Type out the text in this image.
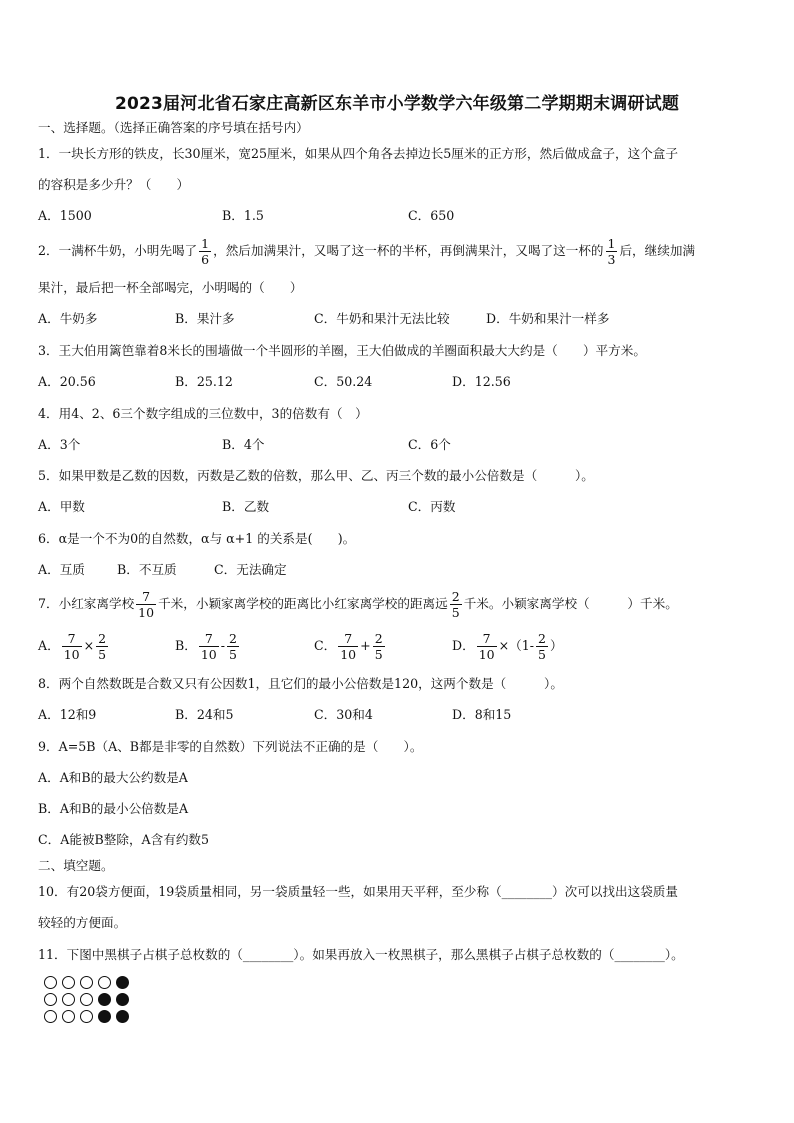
2023届河北省石家庄高新区东羊市小学数学六年级第二学期期末调研试题
一、选择题。（选择正确答案的序号填在括号内）
1．一块长方形的铁皮，长30厘米，宽25厘米，如果从四个角各去掉边长5厘米的正方形，然后做成盒子，这个盒子
的容积是多少升？（　　）
A．1500	B．1.5	C．650
2．一满杯牛奶，小明先喝了 $\frac{1}{6}$ ，然后加满果汁，又喝了这一杯的半杯，再倒满果汁，又喝了这一杯的 $\frac{1}{3}$ 后，继续加满
果汁，最后把一杯全部喝完，小明喝的（　　）
A．牛奶多	B．果汁多	C．牛奶和果汁无法比较	D．牛奶和果汁一样多
3．王大伯用篱笆靠着8米长的围墙做一个半圆形的羊圈，王大伯做成的羊圈面积最大大约是（　　）平方米。
A．20.56	B．25.12	C．50.24	D．12.56
4．用4、2、6三个数字组成的三位数中，3的倍数有（　）
A．3个	B．4个	C．6个
5．如果甲数是乙数的因数，丙数是乙数的倍数，那么甲、乙、丙三个数的最小公倍数是（　　　）。
A．甲数	B．乙数	C．丙数
6．α是一个不为0的自然数，α与 α+1 的关系是(　　)。
A．互质	B．不互质	C．无法确定
7．小红家离学校 $\frac{7}{10}$ 千米，小颖家离学校的距离比小红家离学校的距离远 $\frac{2}{5}$ 千米。小颖家离学校（　　　）千米。
A． $\frac{7}{10} \times \frac{2}{5}$	B． $\frac{7}{10} - \frac{2}{5}$	C． $\frac{7}{10} + \frac{2}{5}$	D． $\frac{7}{10} \times(1- \frac{2}{5}$ ）
8．两个自然数既是合数又只有公因数1，且它们的最小公倍数是120，这两个数是（　　　）。
A．12和9	B．24和5	C．30和4	D．8和15
9．A=5B（A、B都是非零的自然数）下列说法不正确的是（　　）。
A．A和B的最大公约数是A
B．A和B的最小公倍数是A
C．A能被B整除，A含有约数5
二、填空题。
10．有20袋方便面，19袋质量相同，另一袋质量轻一些，如果用天平秤，至少称（________）次可以找出这袋质量
较轻的方便面。
11．下图中黑棋子占棋子总枚数的（________）。如果再放入一枚黑棋子，那么黑棋子占棋子总枚数的（________）。
